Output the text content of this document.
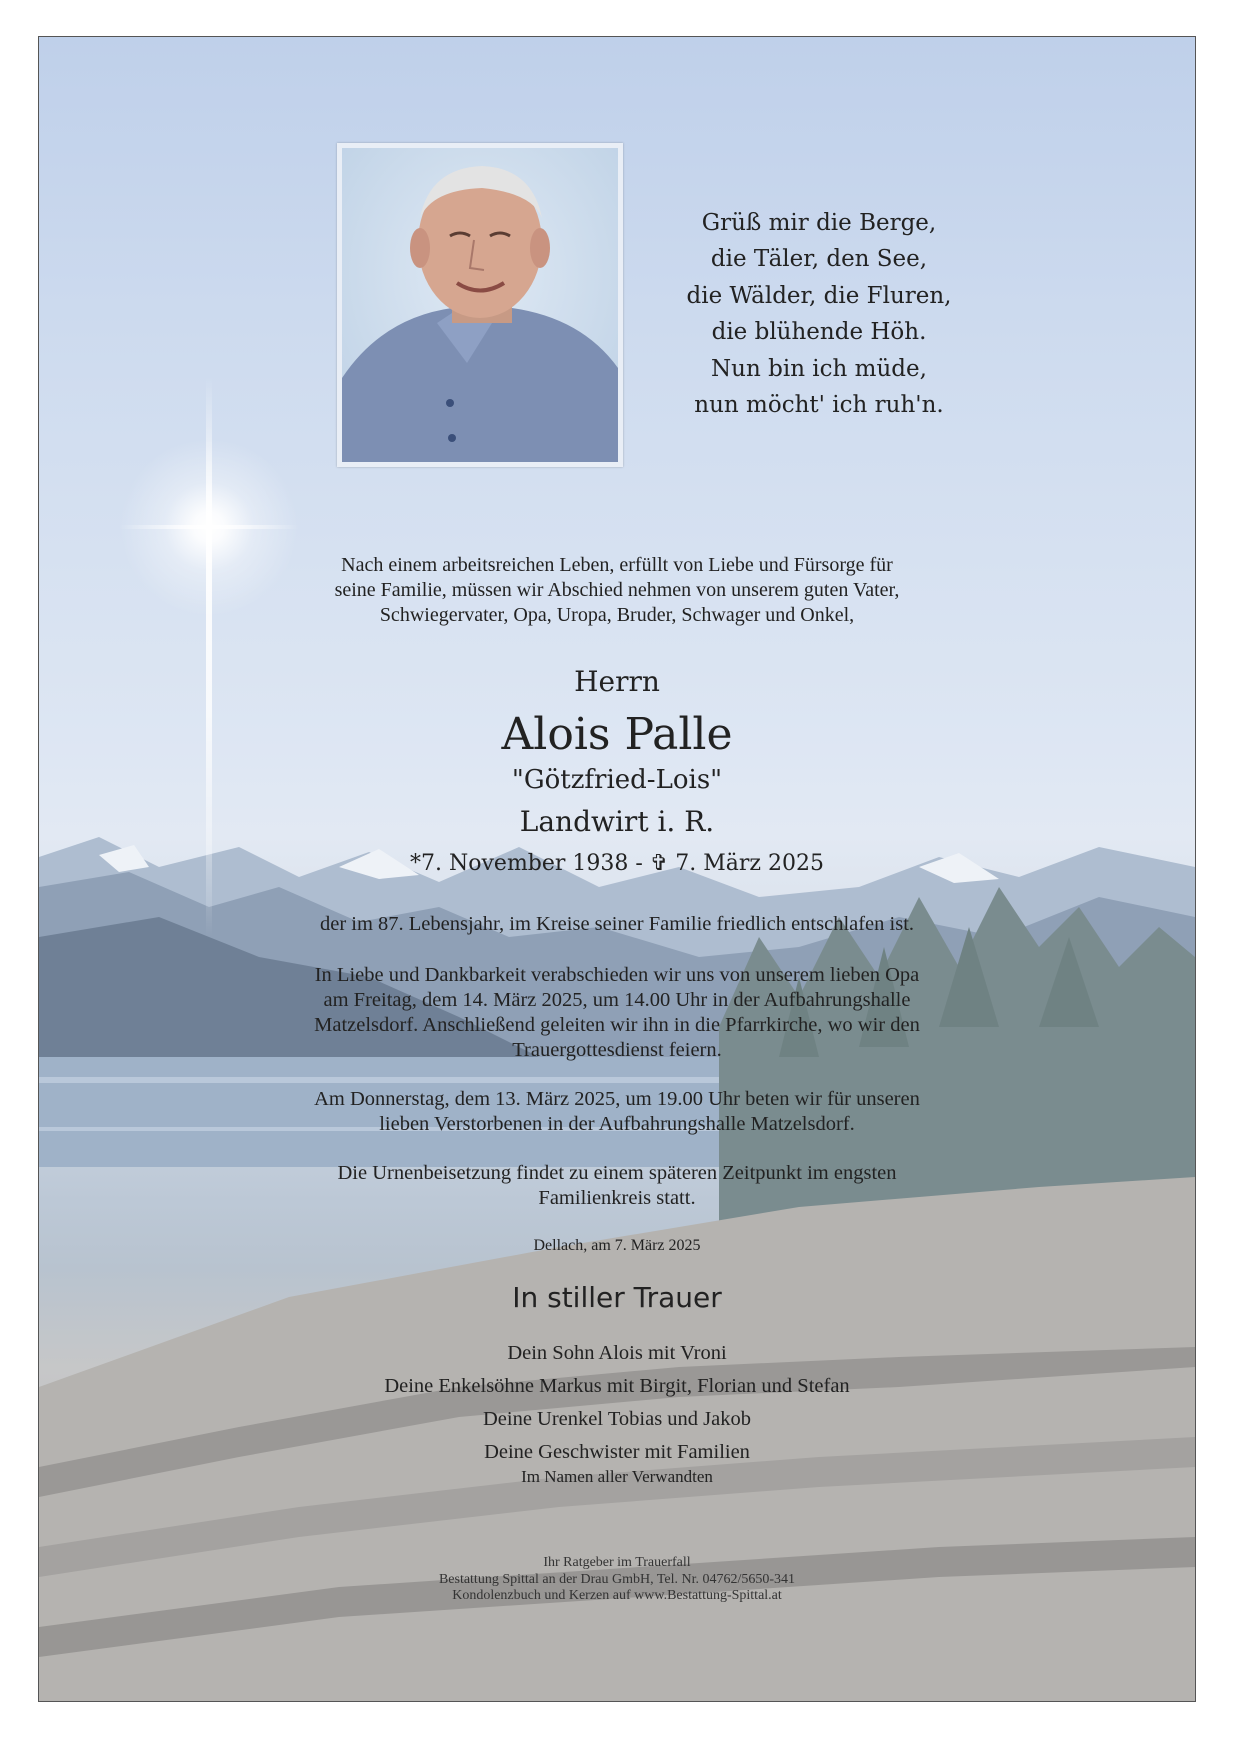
Grüß mir die Berge,
die Täler, den See,
die Wälder, die Fluren,
die blühende Höh.
Nun bin ich müde,
nun möcht' ich ruh'n.
Nach einem arbeitsreichen Leben, erfüllt von Liebe und Fürsorge für
seine Familie, müssen wir Abschied nehmen von unserem guten Vater,
Schwiegervater, Opa, Uropa, Bruder, Schwager und Onkel,
Herrn
Alois Palle
"Götzfried-Lois"
Landwirt i. R.
*7. November 1938 - ✞ 7. März 2025
der im 87. Lebensjahr, im Kreise seiner Familie friedlich entschlafen ist.
In Liebe und Dankbarkeit verabschieden wir uns von unserem lieben Opa
am Freitag, dem 14. März 2025, um 14.00 Uhr in der Aufbahrungshalle
Matzelsdorf. Anschließend geleiten wir ihn in die Pfarrkirche, wo wir den
Trauergottesdienst feiern.
Am Donnerstag, dem 13. März 2025, um 19.00 Uhr beten wir für unseren
lieben Verstorbenen in der Aufbahrungshalle Matzelsdorf.
Die Urnenbeisetzung findet zu einem späteren Zeitpunkt im engsten
Familienkreis statt.
Dellach, am 7. März 2025
In stiller Trauer
Dein Sohn Alois mit Vroni
Deine Enkelsöhne Markus mit Birgit, Florian und Stefan
Deine Urenkel Tobias und Jakob
Deine Geschwister mit Familien
Im Namen aller Verwandten
Ihr Ratgeber im Trauerfall
Bestattung Spittal an der Drau GmbH, Tel. Nr. 04762/5650-341
Kondolenzbuch und Kerzen auf www.Bestattung-Spittal.at
